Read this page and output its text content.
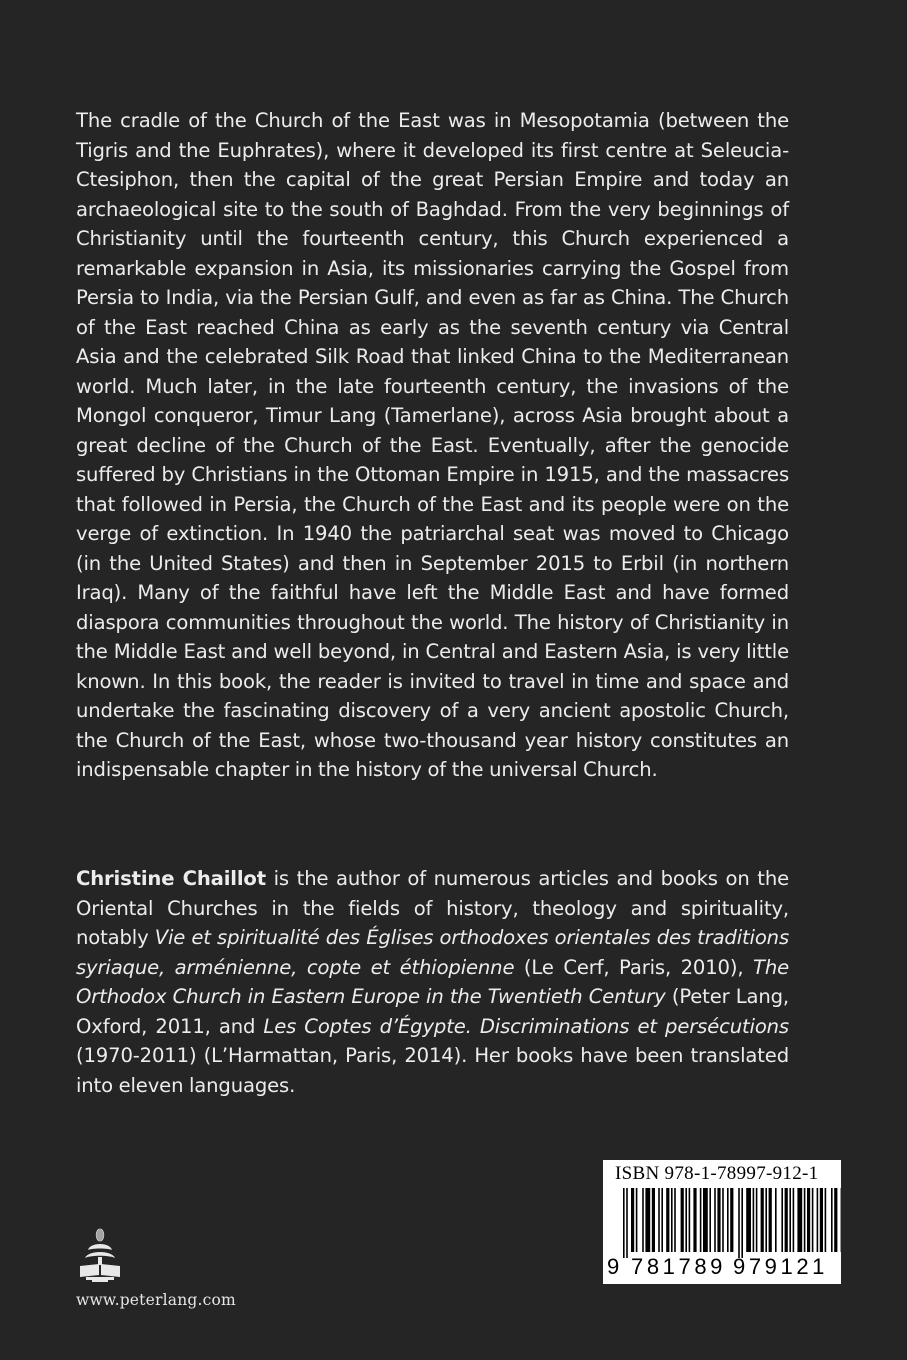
The cradle of the Church of the East was in Mesopotamia (between the Tigris and the Euphrates), where it developed its first centre at Seleucia-Ctesiphon, then the capital of the great Persian Empire and today an archaeological site to the south of Baghdad. From the very beginnings of Christianity until the fourteenth century, this Church experienced a remarkable expansion in Asia, its missionaries carrying the Gospel from Persia to India, via the Persian Gulf, and even as far as China. The Church of the East reached China as early as the seventh century via Central Asia and the celebrated Silk Road that linked China to the Mediterranean world. Much later, in the late fourteenth century, the invasions of the Mongol conqueror, Timur Lang (Tamerlane), across Asia brought about a great decline of the Church of the East. Eventually, after the genocide suffered by Christians in the Ottoman Empire in 1915, and the massacres that followed in Persia, the Church of the East and its people were on the verge of extinction. In 1940 the patriarchal seat was moved to Chicago (in the United States) and then in September 2015 to Erbil (in northern Iraq). Many of the faithful have left the Middle East and have formed diaspora communities throughout the world. The history of Christianity in the Middle East and well beyond, in Central and Eastern Asia, is very little known. In this book, the reader is invited to travel in time and space and undertake the fascinating discovery of a very ancient apostolic Church, the Church of the East, whose two-thousand year history constitutes an indispensable chapter in the history of the universal Church.

Christine Chaillot is the author of numerous articles and books on the Oriental Churches in the fields of history, theology and spirituality, notably Vie et spiritualité des Églises orthodoxes orientales des traditions syriaque, arménienne, copte et éthiopienne (Le Cerf, Paris, 2010), The Orthodox Church in Eastern Europe in the Twentieth Century (Peter Lang, Oxford, 2011, and Les Coptes d’Égypte. Discriminations et persécutions (1970-2011) (L’Harmattan, Paris, 2014). Her books have been translated into eleven languages.

www.peterlang.com
ISBN 978-1-78997-912-1
9 781789 979121
